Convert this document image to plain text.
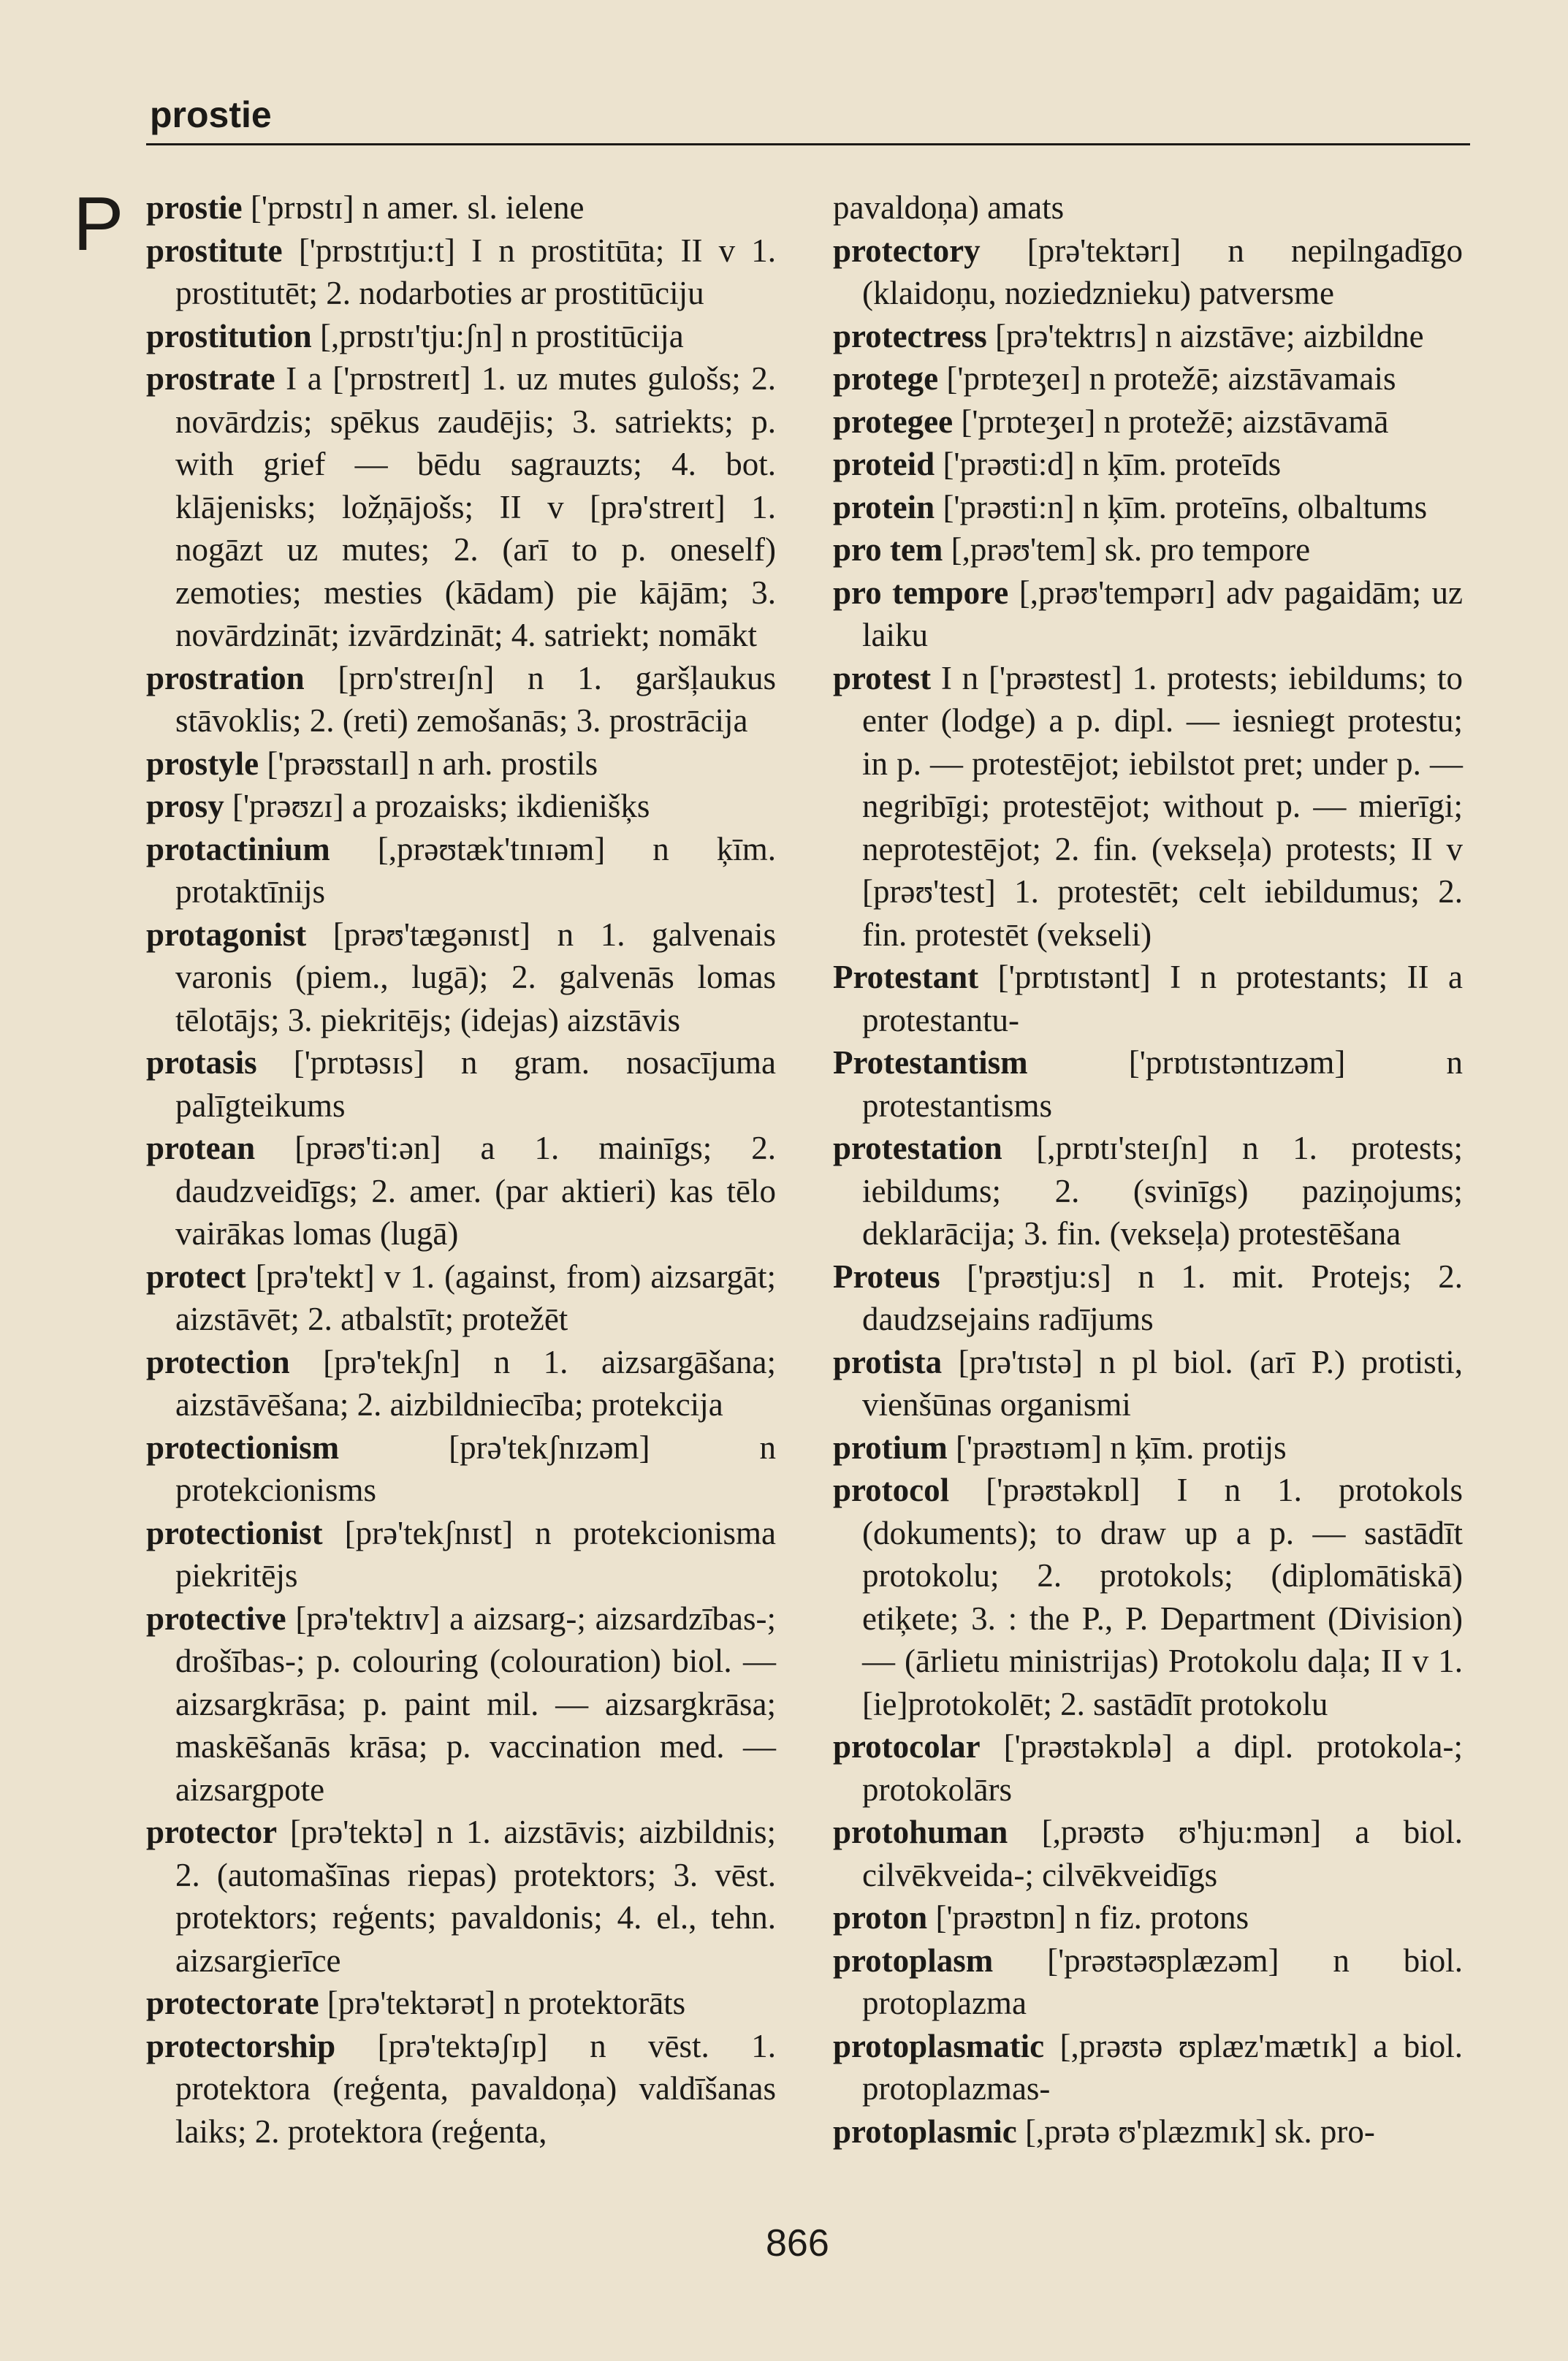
prostie
P prostie ['prɒstɪ] n amer. sl. ielene

prostitute ['prɒstɪtju:t] I n prostitūta; II v 1. prostitutēt; 2. nodarboties ar prostitūciju

prostitution [,prɒstɪ'tju:ʃn] n prostitūcija

prostrate I a ['prɒstreɪt] 1. uz mutes gulošs; 2. novārdzis; spēkus zaudējis; 3. satriekts; p. with grief — bēdu sagrauzts; 4. bot. klājenisks; ložņājošs; II v [prə'streɪt] 1. nogāzt uz mutes; 2. (arī to p. oneself) zemoties; mesties (kādam) pie kājām; 3. novārdzināt; izvārdzināt; 4. satriekt; nomākt

prostration [prɒ'streɪʃn] n 1. garšļaukus stāvoklis; 2. (reti) zemošanās; 3. prostrācija

prostyle ['prəʊstaɪl] n arh. prostils

prosy ['prəʊzɪ] a prozaisks; ikdienišķs

protactinium [,prəʊtæk'tɪnɪəm] n ķīm. protaktīnijs

protagonist [prəʊ'tægənɪst] n 1. galvenais varonis (piem., lugā); 2. galvenās lomas tēlotājs; 3. piekritējs; (idejas) aizstāvis

protasis ['prɒtəsɪs] n gram. nosacījuma palīgteikums

protean [prəʊ'ti:ən] a 1. mainīgs; 2. daudzveidīgs; 2. amer. (par aktieri) kas tēlo vairākas lomas (lugā)

protect [prə'tekt] v 1. (against, from) aizsargāt; aizstāvēt; 2. atbalstīt; protežēt

protection [prə'tekʃn] n 1. aizsargāšana; aizstāvēšana; 2. aizbildniecība; protekcija

protectionism [prə'tekʃnɪzəm] n protekcionisms

protectionist [prə'tekʃnɪst] n protekcionisma piekritējs

protective [prə'tektɪv] a aizsarg-; aizsardzības-; drošības-; p. colouring (colouration) biol. — aizsargkrāsa; p. paint mil. — aizsargkrāsa; maskēšanās krāsa; p. vaccination med. — aizsargpote

protector [prə'tektə] n 1. aizstāvis; aizbildnis; 2. (automašīnas riepas) protektors; 3. vēst. protektors; reģents; pavaldonis; 4. el., tehn. aizsargierīce

protectorate [prə'tektərət] n protektorāts

protectorship [prə'tektəʃɪp] n vēst. 1. protektora (reģenta, pavaldoņa) valdīšanas laiks; 2. protektora (reģenta,

pavaldoņa) amats

protectory [prə'tektərɪ] n nepilngadīgo (klaidoņu, noziedznieku) patversme

protectress [prə'tektrɪs] n aizstāve; aizbildne

protege ['prɒteʒeɪ] n protežē; aizstāvamais

protegee ['prɒteʒeɪ] n protežē; aizstāvamā

proteid ['prəʊti:d] n ķīm. proteīds

protein ['prəʊti:n] n ķīm. proteīns, olbaltums

pro tem [,prəʊ'tem] sk. pro tempore

pro tempore [,prəʊ'tempərɪ] adv pagaidām; uz laiku

protest I n ['prəʊtest] 1. protests; iebildums; to enter (lodge) a p. dipl. — iesniegt protestu; in p. — protestējot; iebilstot pret; under p. — negribīgi; protestējot; without p. — mierīgi; neprotestējot; 2. fin. (vekseļa) protests; II v [prəʊ'test] 1. protestēt; celt iebildumus; 2. fin. protestēt (vekseli)

Protestant ['prɒtɪstənt] I n protestants; II a protestantu-

Protestantism ['prɒtɪstəntɪzəm] n protestantisms

protestation [,prɒtɪ'steɪʃn] n 1. protests; iebildums; 2. (svinīgs) paziņojums; deklarācija; 3. fin. (vekseļa) protestēšana

Proteus ['prəʊtju:s] n 1. mit. Protejs; 2. daudzsejains radījums

protista [prə'tɪstə] n pl biol. (arī P.) protisti, vienšūnas organismi

protium ['prəʊtɪəm] n ķīm. protijs

protocol ['prəʊtəkɒl] I n 1. protokols (dokuments); to draw up a p. — sastādīt protokolu; 2. protokols; (diplomātiskā) etiķete; 3. : the P., P. Department (Division) — (ārlietu ministrijas) Protokolu daļa; II v 1. [ie]protokolēt; 2. sastādīt protokolu

protocolar ['prəʊtəkɒlə] a dipl. protokola-; protokolārs

protohuman [,prəʊtə ʊ'hju:mən] a biol. cilvēkveida-; cilvēkveidīgs

proton ['prəʊtɒn] n fiz. protons

protoplasm ['prəʊtəʊplæzəm] n biol. protoplazma

protoplasmatic [,prəʊtə ʊplæz'mætɪk] a biol. protoplazmas-

protoplasmic [,prətə ʊ'plæzmɪk] sk. pro-

866
